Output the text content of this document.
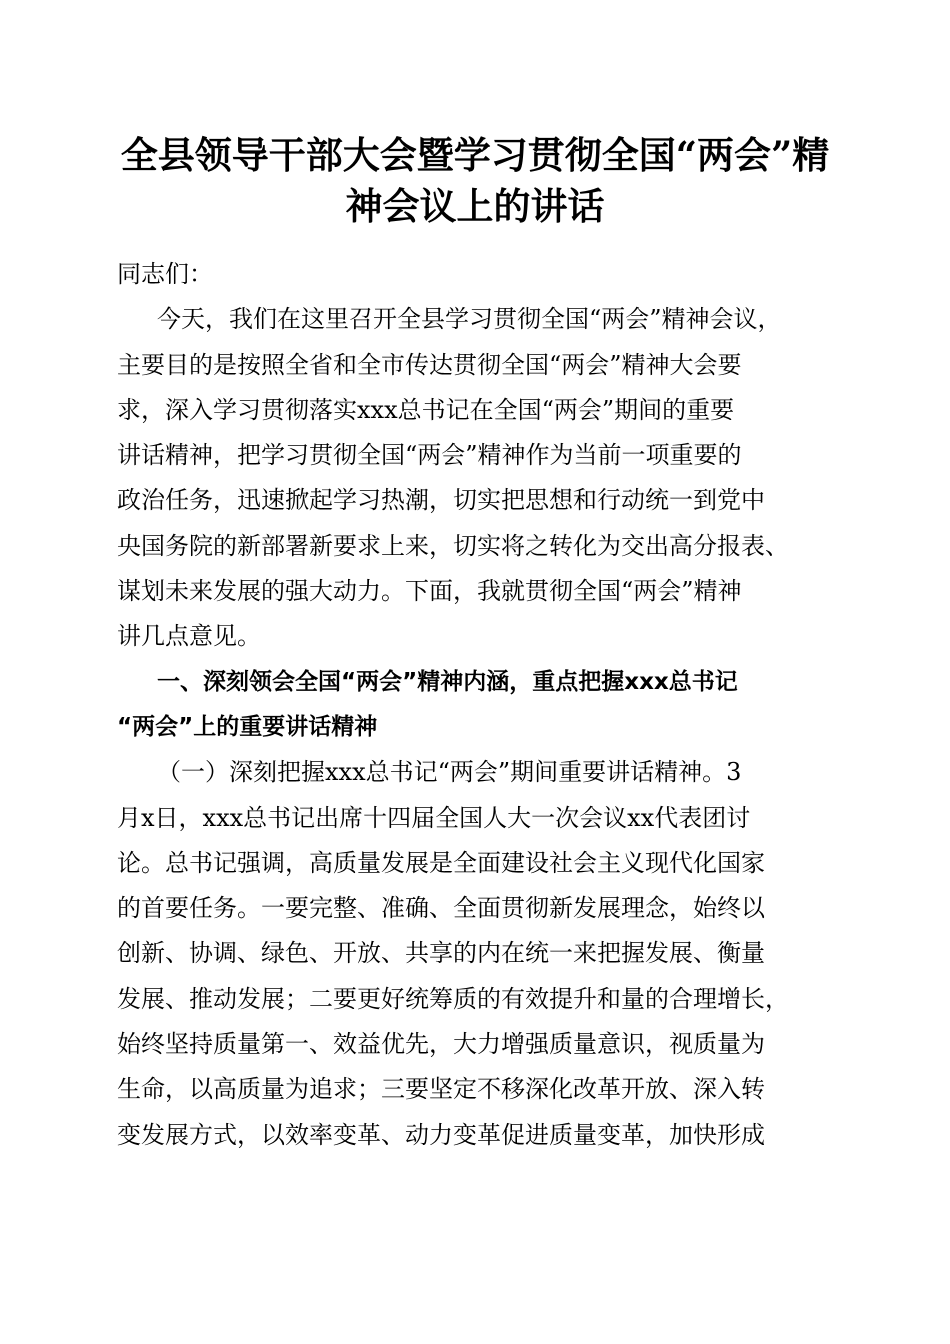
全县领导干部大会暨学习贯彻全国“两会”精
神会议上的讲话
同志们：
今天，我们在这里召开全县学习贯彻全国“两会”精神会议，
主要目的是按照全省和全市传达贯彻全国“两会”精神大会要
求，深入学习贯彻落实xxx总书记在全国“两会”期间的重要
讲话精神，把学习贯彻全国“两会”精神作为当前一项重要的
政治任务，迅速掀起学习热潮，切实把思想和行动统一到党中
央国务院的新部署新要求上来，切实将之转化为交出高分报表、
谋划未来发展的强大动力。下面，我就贯彻全国“两会”精神
讲几点意见。
一、深刻领会全国“两会”精神内涵，重点把握xxx总书记
“两会”上的重要讲话精神
（一）深刻把握xxx总书记“两会”期间重要讲话精神。3
月x日，xxx总书记出席十四届全国人大一次会议xx代表团讨
论。总书记强调，高质量发展是全面建设社会主义现代化国家
的首要任务。一要完整、准确、全面贯彻新发展理念，始终以
创新、协调、绿色、开放、共享的内在统一来把握发展、衡量
发展、推动发展；二要更好统筹质的有效提升和量的合理增长，
始终坚持质量第一、效益优先，大力增强质量意识，视质量为
生命，以高质量为追求；三要坚定不移深化改革开放、深入转
变发展方式，以效率变革、动力变革促进质量变革，加快形成
